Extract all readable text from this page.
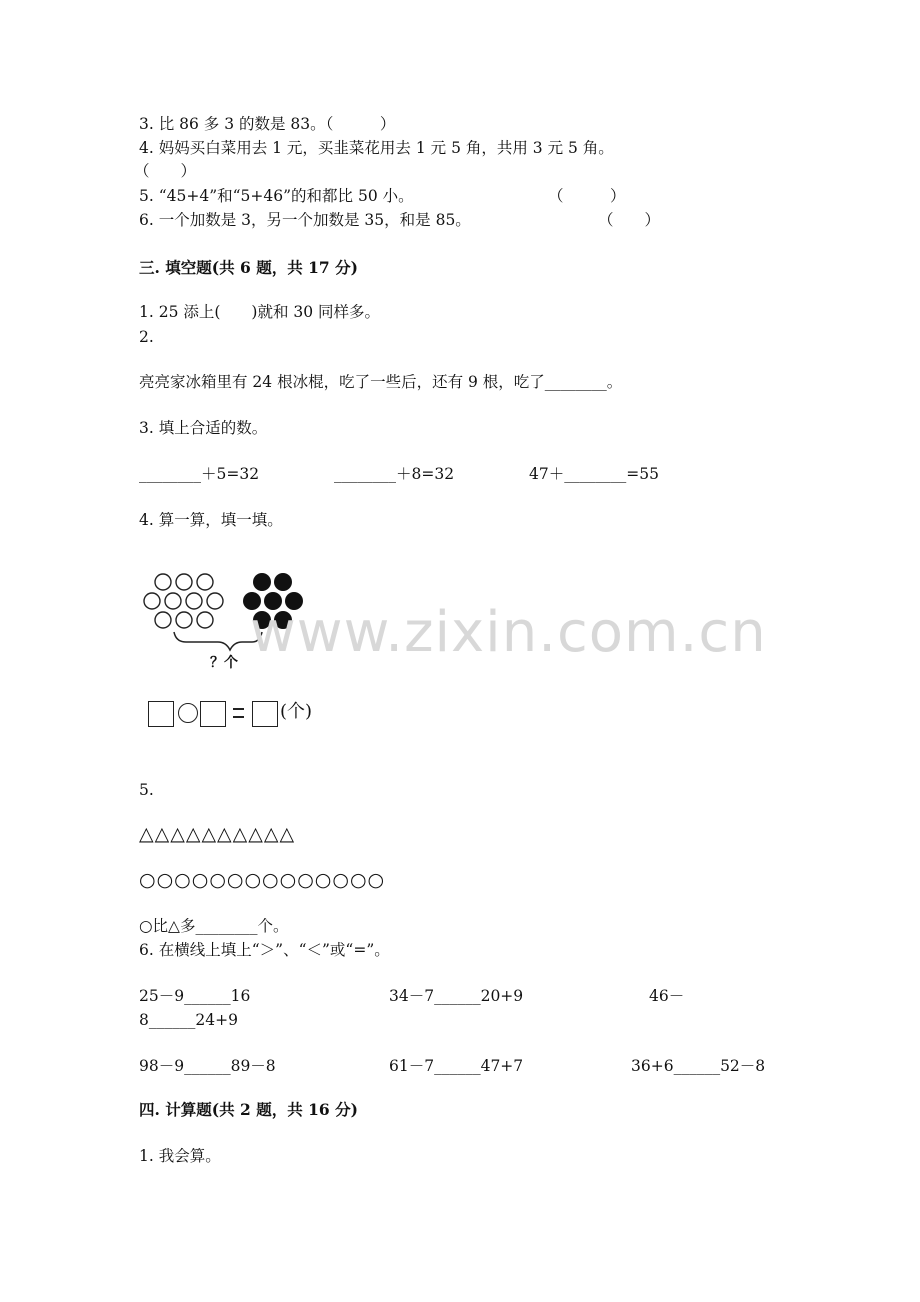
3. 比 86 多 3 的数是 83。（　　　）
4. 妈妈买白菜用去 1 元，买韭菜花用去 1 元 5 角，共用 3 元 5 角。
（　　）
5. “45+4”和“5+46”的和都比 50 小。	（　　　）
6. 一个加数是 3，另一个加数是 35，和是 85。	（　　）
三. 填空题(共 6 题，共 17 分)
1. 25 添上(　　)就和 30 同样多。
2.
亮亮家冰箱里有 24 根冰棍，吃了一些后，还有 9 根，吃了________。
3. 填上合适的数。
________＋5=32	________＋8=32	47＋________=55
4. 算一算，填一填。
？个
(个)
5.
△△△△△△△△△△
○○○○○○○○○○○○○○
○比△多________个。
6. 在横线上填上“＞”、“＜”或“=”。
25－9______16	34－7______20+9	46－
8______24+9
98－9______89－8	61－7______47+7	36+6______52－8
四. 计算题(共 2 题，共 16 分)
1. 我会算。
www.zixin.com.cn
